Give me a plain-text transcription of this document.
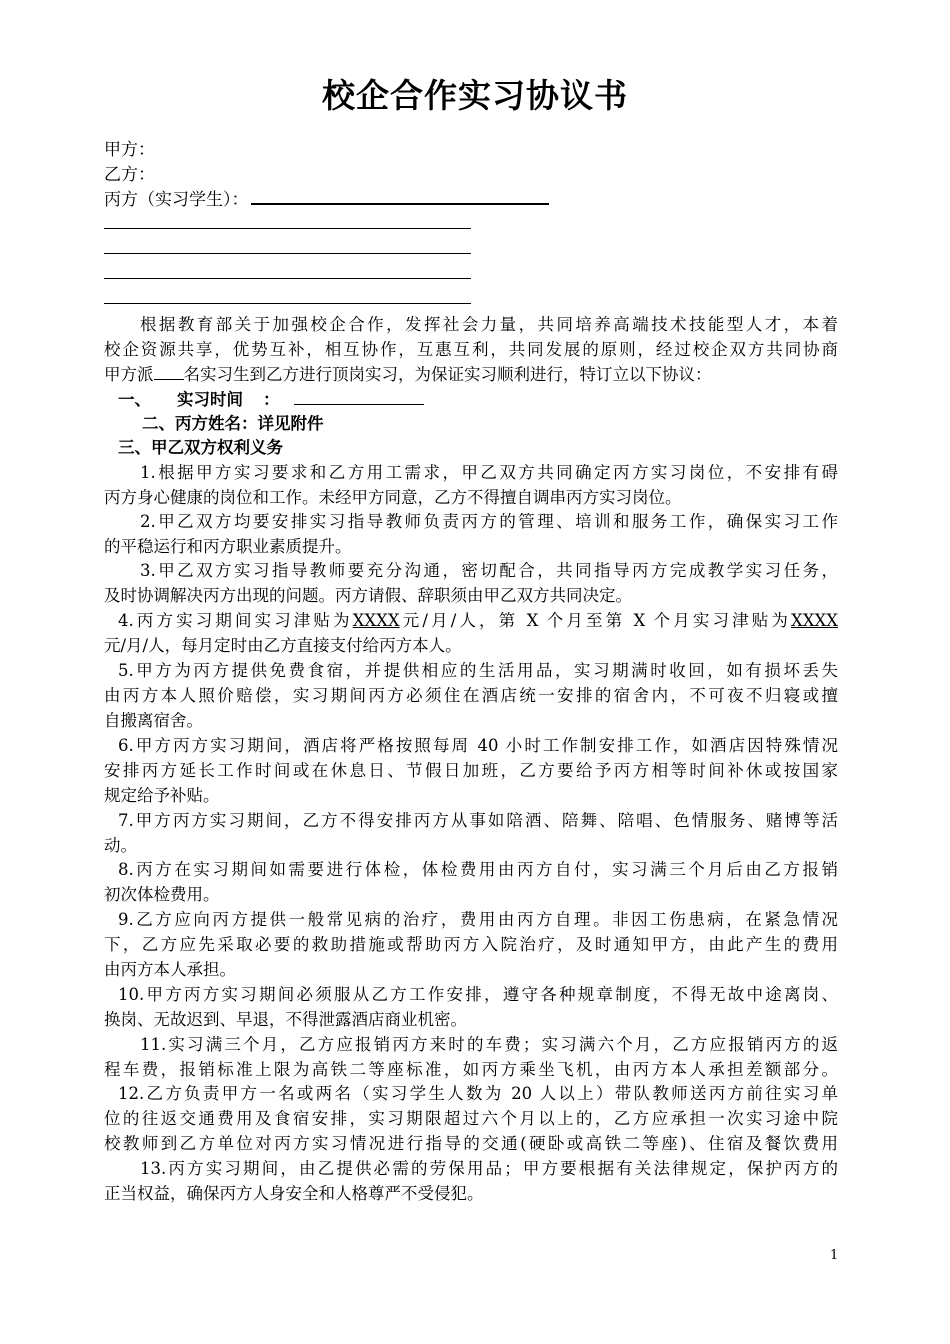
校企合作实习协议书
甲方：
乙方：
丙方（实习学生）：
根据教育部关于加强校企合作，发挥社会力量，共同培养高端技术技能型人才，本着
校企资源共享，优势互补，相互协作，互惠互利，共同发展的原则，经过校企双方共同协商
甲方派 名实习生到乙方进行顶岗实习，为保证实习顺利进行，特订立以下协议：
一、 实习时间 ：
二、丙方姓名：详见附件
三、甲乙双方权利义务
1.根据甲方实习要求和乙方用工需求，甲乙双方共同确定丙方实习岗位，不安排有碍
丙方身心健康的岗位和工作。未经甲方同意，乙方不得擅自调串丙方实习岗位。
2.甲乙双方均要安排实习指导教师负责丙方的管理、培训和服务工作，确保实习工作
的平稳运行和丙方职业素质提升。
3.甲乙双方实习指导教师要充分沟通，密切配合，共同指导丙方完成教学实习任务，
及时协调解决丙方出现的问题。丙方请假、辞职须由甲乙双方共同决定。
4.丙方实习期间实习津贴为XXXX元/月/人，第 X 个月至第 X 个月实习津贴为XXXX
元/月/人，每月定时由乙方直接支付给丙方本人。
5.甲方为丙方提供免费食宿，并提供相应的生活用品，实习期满时收回，如有损坏丢失
由丙方本人照价赔偿，实习期间丙方必须住在酒店统一安排的宿舍内，不可夜不归寝或擅
自搬离宿舍。
6.甲方丙方实习期间，酒店将严格按照每周 40 小时工作制安排工作，如酒店因特殊情况
安排丙方延长工作时间或在休息日、节假日加班，乙方要给予丙方相等时间补休或按国家
规定给予补贴。
7.甲方丙方实习期间，乙方不得安排丙方从事如陪酒、陪舞、陪唱、色情服务、赌博等活
动。
8.丙方在实习期间如需要进行体检，体检费用由丙方自付，实习满三个月后由乙方报销
初次体检费用。
9.乙方应向丙方提供一般常见病的治疗，费用由丙方自理。非因工伤患病，在紧急情况
下，乙方应先采取必要的救助措施或帮助丙方入院治疗，及时通知甲方，由此产生的费用
由丙方本人承担。
10.甲方丙方实习期间必须服从乙方工作安排，遵守各种规章制度，不得无故中途离岗、
换岗、无故迟到、早退，不得泄露酒店商业机密。
11.实习满三个月，乙方应报销丙方来时的车费；实习满六个月，乙方应报销丙方的返
程车费，报销标准上限为高铁二等座标准，如丙方乘坐飞机，由丙方本人承担差额部分。
12.乙方负责甲方一名或两名（实习学生人数为 20 人以上）带队教师送丙方前往实习单
位的往返交通费用及食宿安排，实习期限超过六个月以上的，乙方应承担一次实习途中院
校教师到乙方单位对丙方实习情况进行指导的交通(硬卧或高铁二等座)、住宿及餐饮费用
13.丙方实习期间，由乙提供必需的劳保用品；甲方要根据有关法律规定，保护丙方的
正当权益，确保丙方人身安全和人格尊严不受侵犯。
1
